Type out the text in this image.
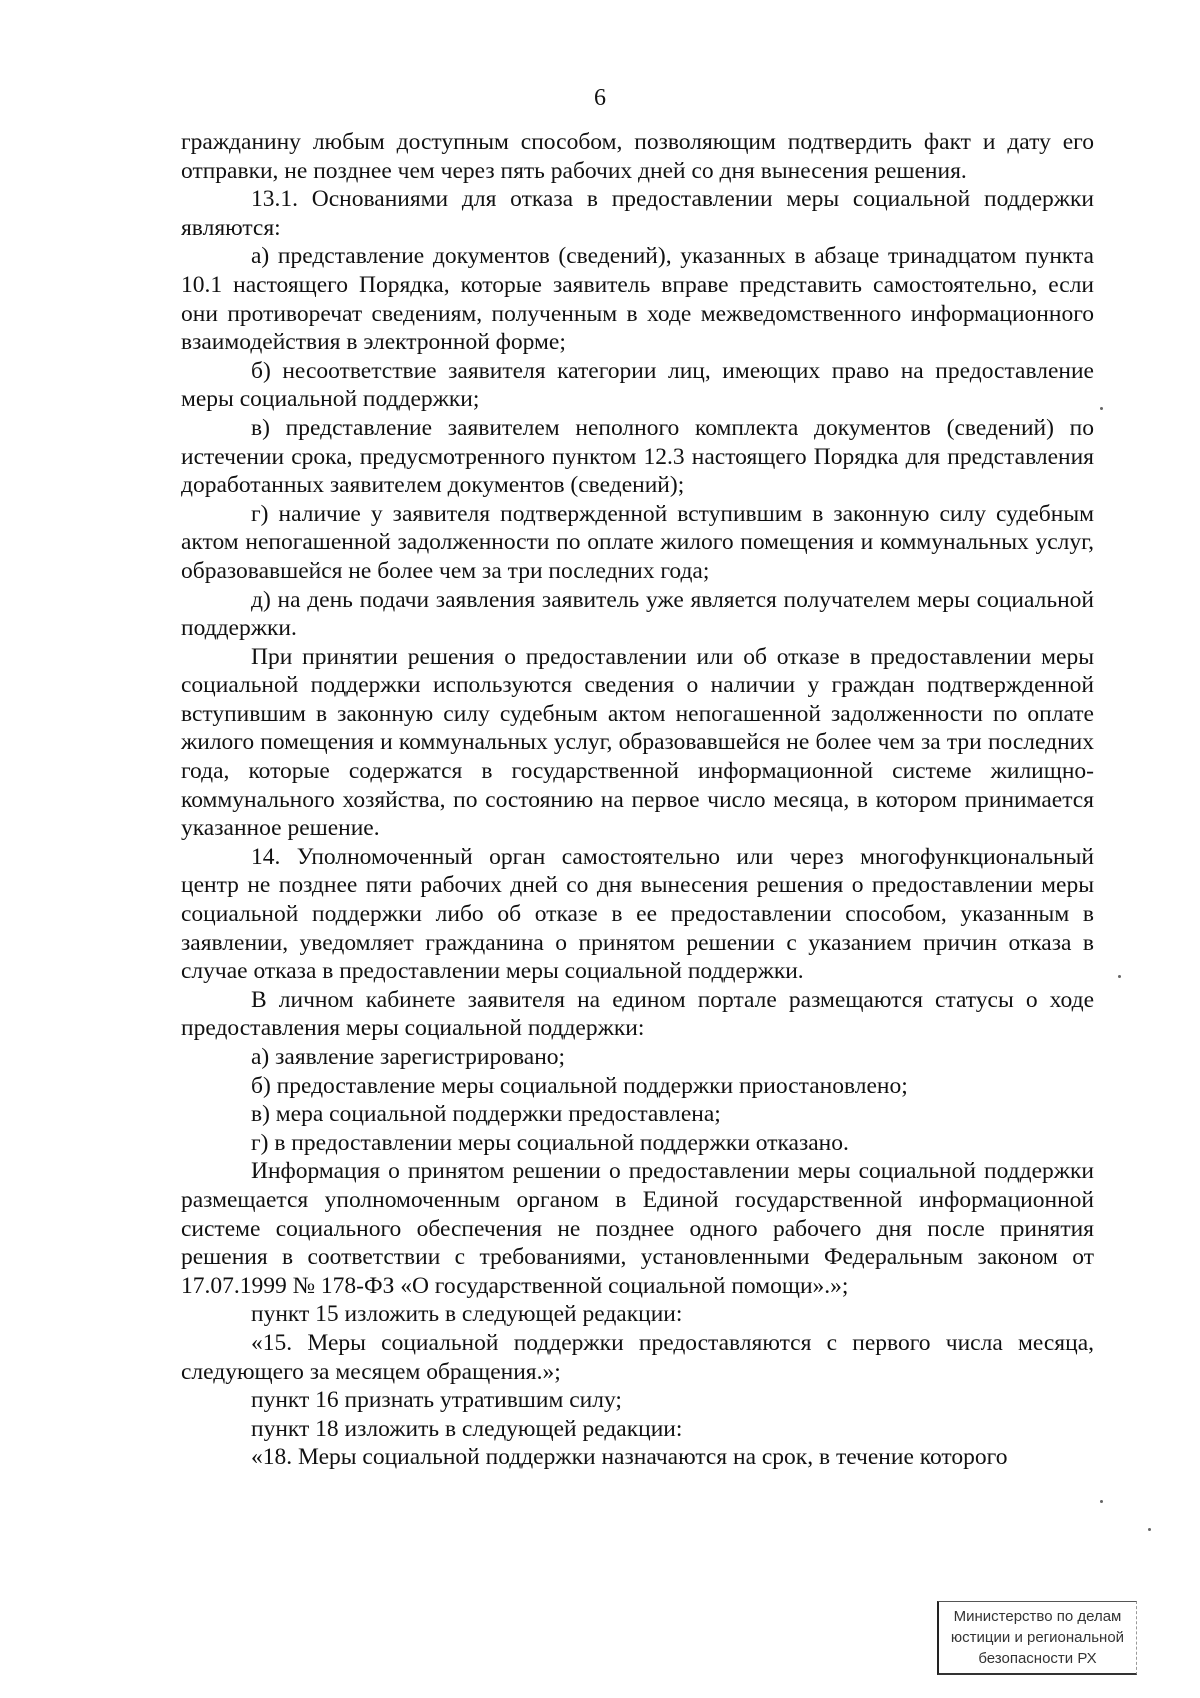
6

гражданину любым доступным способом, позволяющим подтвердить факт и дату его отправки, не позднее чем через пять рабочих дней со дня вынесения решения.

13.1. Основаниями для отказа в предоставлении меры социальной поддержки являются:

а) представление документов (сведений), указанных в абзаце тринадцатом пункта 10.1 настоящего Порядка, которые заявитель вправе представить самостоятельно, если они противоречат сведениям, полученным в ходе межведомственного информационного взаимодействия в электронной форме;

б) несоответствие заявителя категории лиц, имеющих право на предоставление меры социальной поддержки;

в) представление заявителем неполного комплекта документов (сведений) по истечении срока, предусмотренного пунктом 12.3 настоящего Порядка для представления доработанных заявителем документов (сведений);

г) наличие у заявителя подтвержденной вступившим в законную силу судебным актом непогашенной задолженности по оплате жилого помещения и коммунальных услуг, образовавшейся не более чем за три последних года;

д) на день подачи заявления заявитель уже является получателем меры социальной поддержки.

При принятии решения о предоставлении или об отказе в предоставлении меры социальной поддержки используются сведения о наличии у граждан подтвержденной вступившим в законную силу судебным актом непогашенной задолженности по оплате жилого помещения и коммунальных услуг, образовавшейся не более чем за три последних года, которые содержатся в государственной информационной системе жилищно-коммунального хозяйства, по состоянию на первое число месяца, в котором принимается указанное решение.

14. Уполномоченный орган самостоятельно или через многофункциональный центр не позднее пяти рабочих дней со дня вынесения решения о предоставлении меры социальной поддержки либо об отказе в ее предоставлении способом, указанным в заявлении, уведомляет гражданина о принятом решении с указанием причин отказа в случае отказа в предоставлении меры социальной поддержки.

В личном кабинете заявителя на едином портале размещаются статусы о ходе предоставления меры социальной поддержки:

а) заявление зарегистрировано;

б) предоставление меры социальной поддержки приостановлено;

в) мера социальной поддержки предоставлена;

г) в предоставлении меры социальной поддержки отказано.

Информация о принятом решении о предоставлении меры социальной поддержки размещается уполномоченным органом в Единой государственной информационной системе социального обеспечения не позднее одного рабочего дня после принятия решения в соответствии с требованиями, установленными Федеральным законом от 17.07.1999 № 178-ФЗ «О государственной социальной помощи».»;

пункт 15 изложить в следующей редакции:

«15. Меры социальной поддержки предоставляются с первого числа месяца, следующего за месяцем обращения.»;

пункт 16 признать утратившим силу;

пункт 18 изложить в следующей редакции:

«18. Меры социальной поддержки назначаются на срок, в течение которого

Министерство по делам
юстиции и региональной
безопасности РХ
